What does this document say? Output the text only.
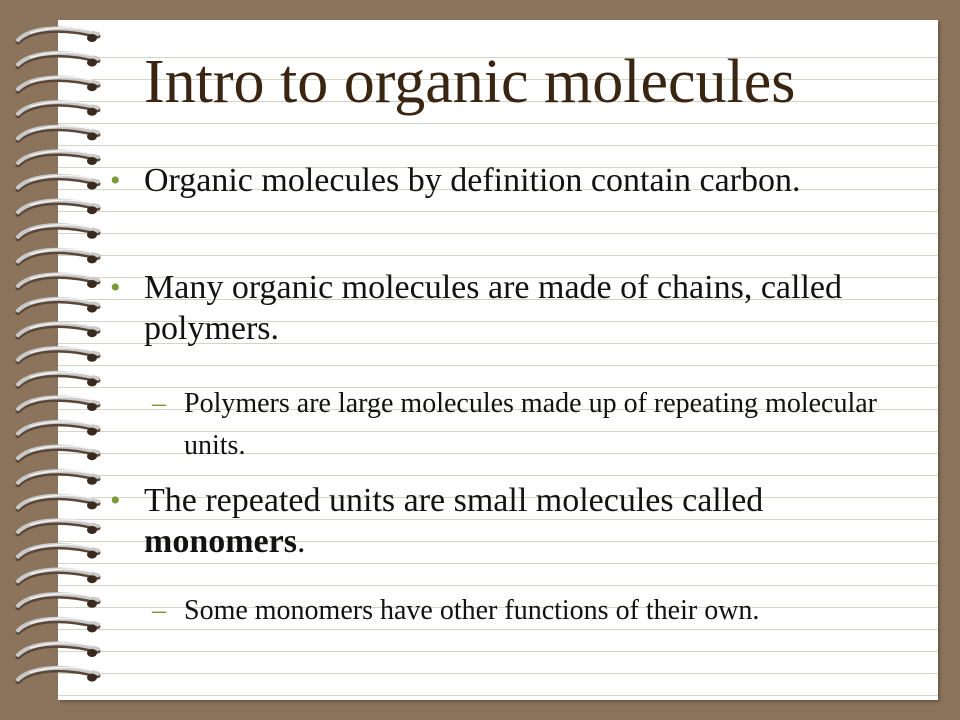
Intro to organic molecules
• Organic molecules by definition contain carbon.
• Many organic molecules are made of chains, called polymers.
– Polymers are large molecules made up of repeating molecular units.
• The repeated units are small molecules called monomers.
– Some monomers have other functions of their own.
